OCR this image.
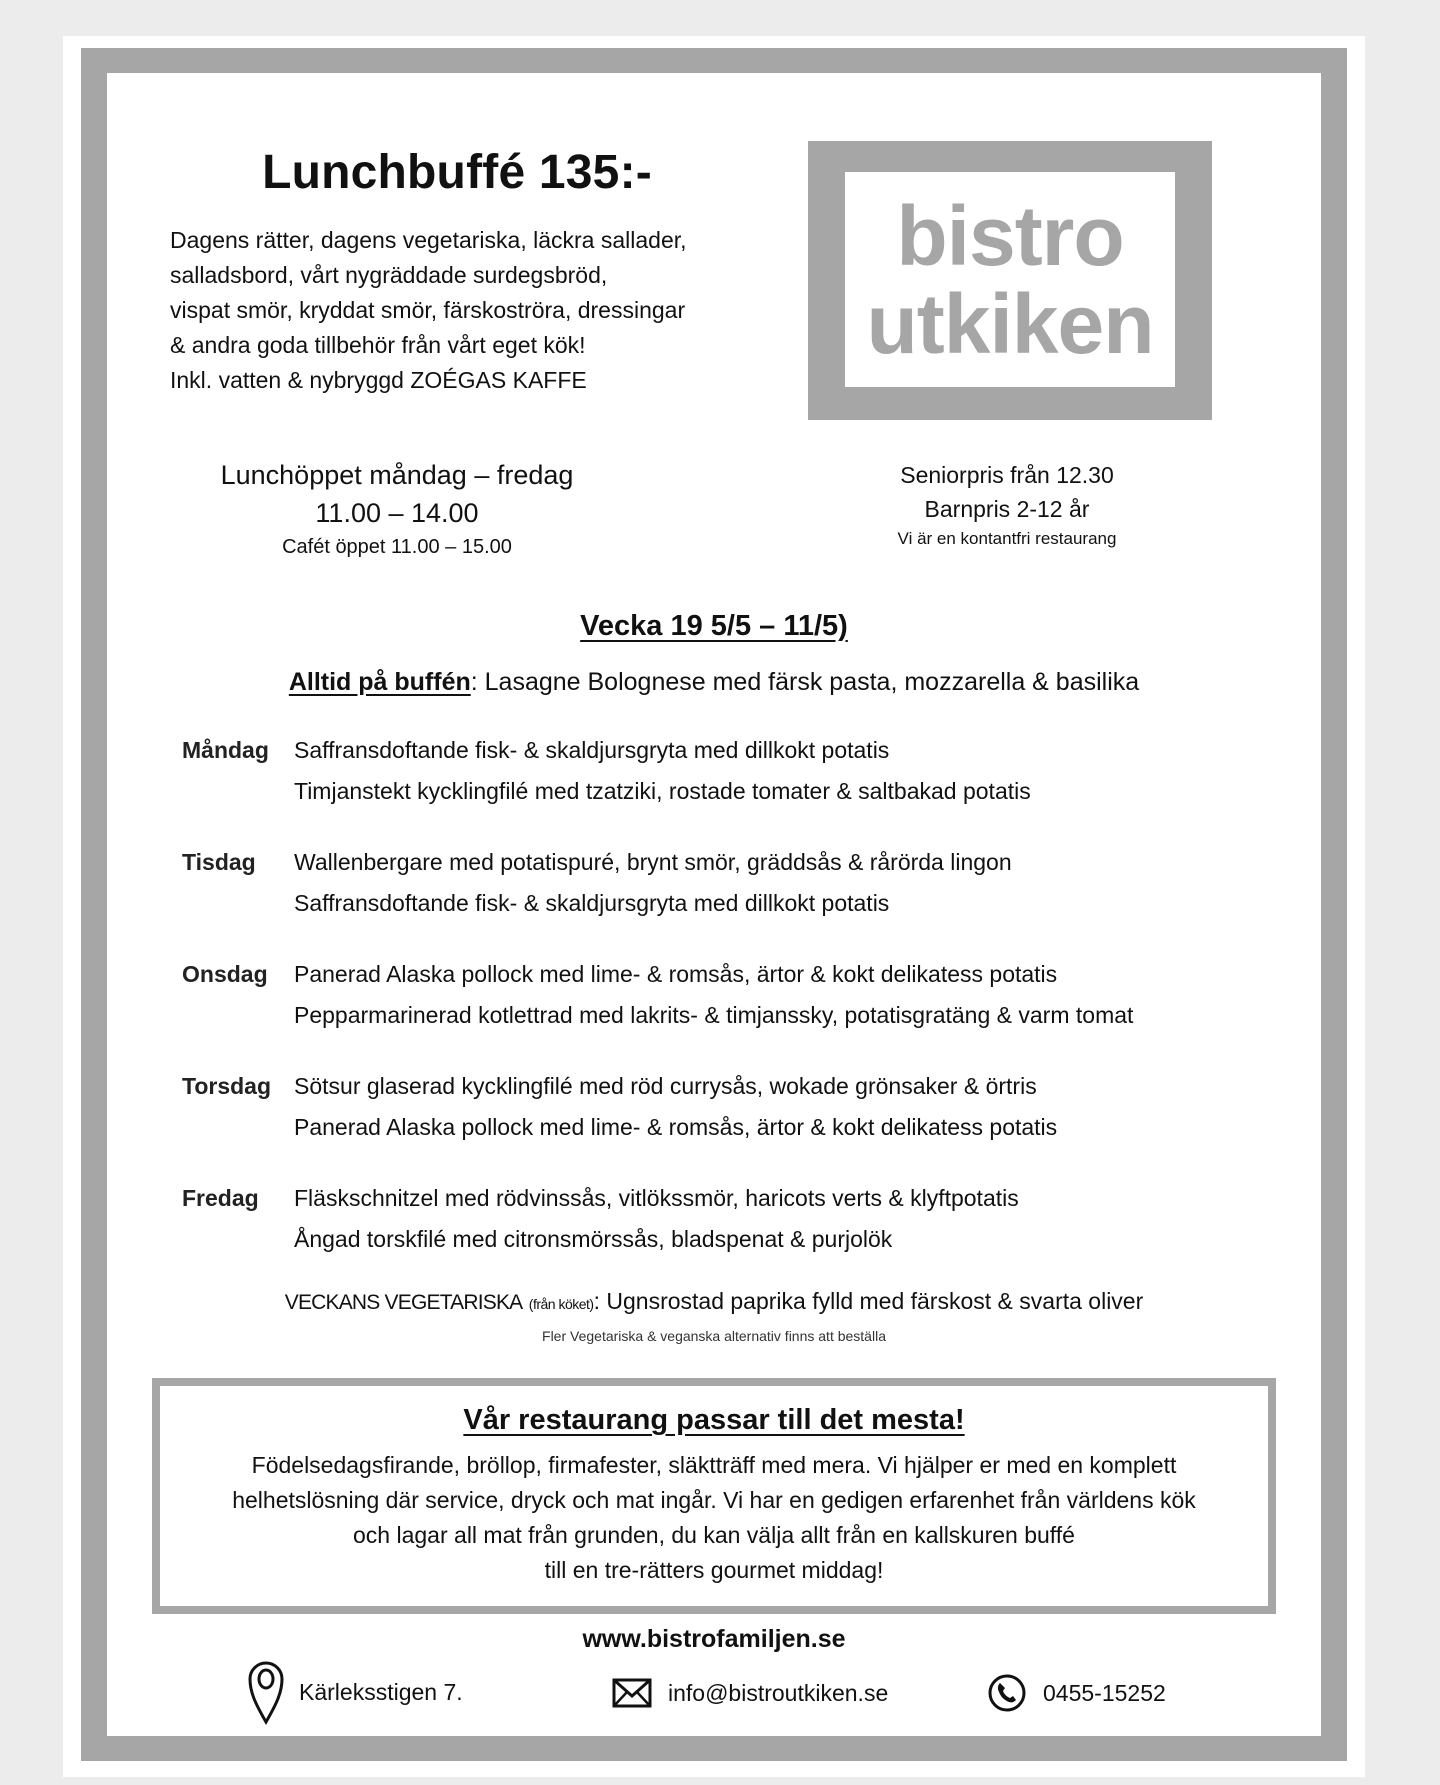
Lunchbuffé 135:-
Dagens rätter, dagens vegetariska, läckra sallader,
salladsbord, vårt nygräddade surdegsbröd,
vispat smör, kryddat smör, färskoströra, dressingar
& andra goda tillbehör från vårt eget kök!
Inkl. vatten & nybryggd ZOÉGAS KAFFE
bistro
utkiken
Lunchöppet måndag – fredag
11.00 – 14.00
Cafét öppet 11.00 – 15.00
Seniorpris från 12.30
Barnpris 2-12 år
Vi är en kontantfri restaurang
Vecka 19 5/5 – 11/5)
Alltid på buffén: Lasagne Bolognese med färsk pasta, mozzarella & basilika
Måndag	Saffransdoftande fisk- & skaldjursgryta med dillkokt potatis
Timjanstekt kycklingfilé med tzatziki, rostade tomater & saltbakad potatis
Tisdag	Wallenbergare med potatispuré, brynt smör, gräddsås & rårörda lingon
Saffransdoftande fisk- & skaldjursgryta med dillkokt potatis
Onsdag	Panerad Alaska pollock med lime- & romsås, ärtor & kokt delikatess potatis
Pepparmarinerad kotlettrad med lakrits- & timjanssky, potatisgratäng & varm tomat
Torsdag Sötsur glaserad kycklingfilé med röd currysås, wokade grönsaker & örtris
Panerad Alaska pollock med lime- & romsås, ärtor & kokt delikatess potatis
Fredag	Fläskschnitzel med rödvinssås, vitlökssmör, haricots verts & klyftpotatis
Ångad torskfilé med citronsmörssås, bladspenat & purjolök
VECKANS VEGETARISKA (från köket): Ugnsrostad paprika fylld med färskost & svarta oliver
Fler Vegetariska & veganska alternativ finns att beställa
Vår restaurang passar till det mesta!
Födelsedagsfirande, bröllop, firmafester, släktträff med mera. Vi hjälper er med en komplett
helhetslösning där service, dryck och mat ingår. Vi har en gedigen erfarenhet från världens kök
och lagar all mat från grunden, du kan välja allt från en kallskuren buffé
till en tre-rätters gourmet middag!
www.bistrofamiljen.se
Kärleksstigen 7.	info@bistroutkiken.se	0455-15252
